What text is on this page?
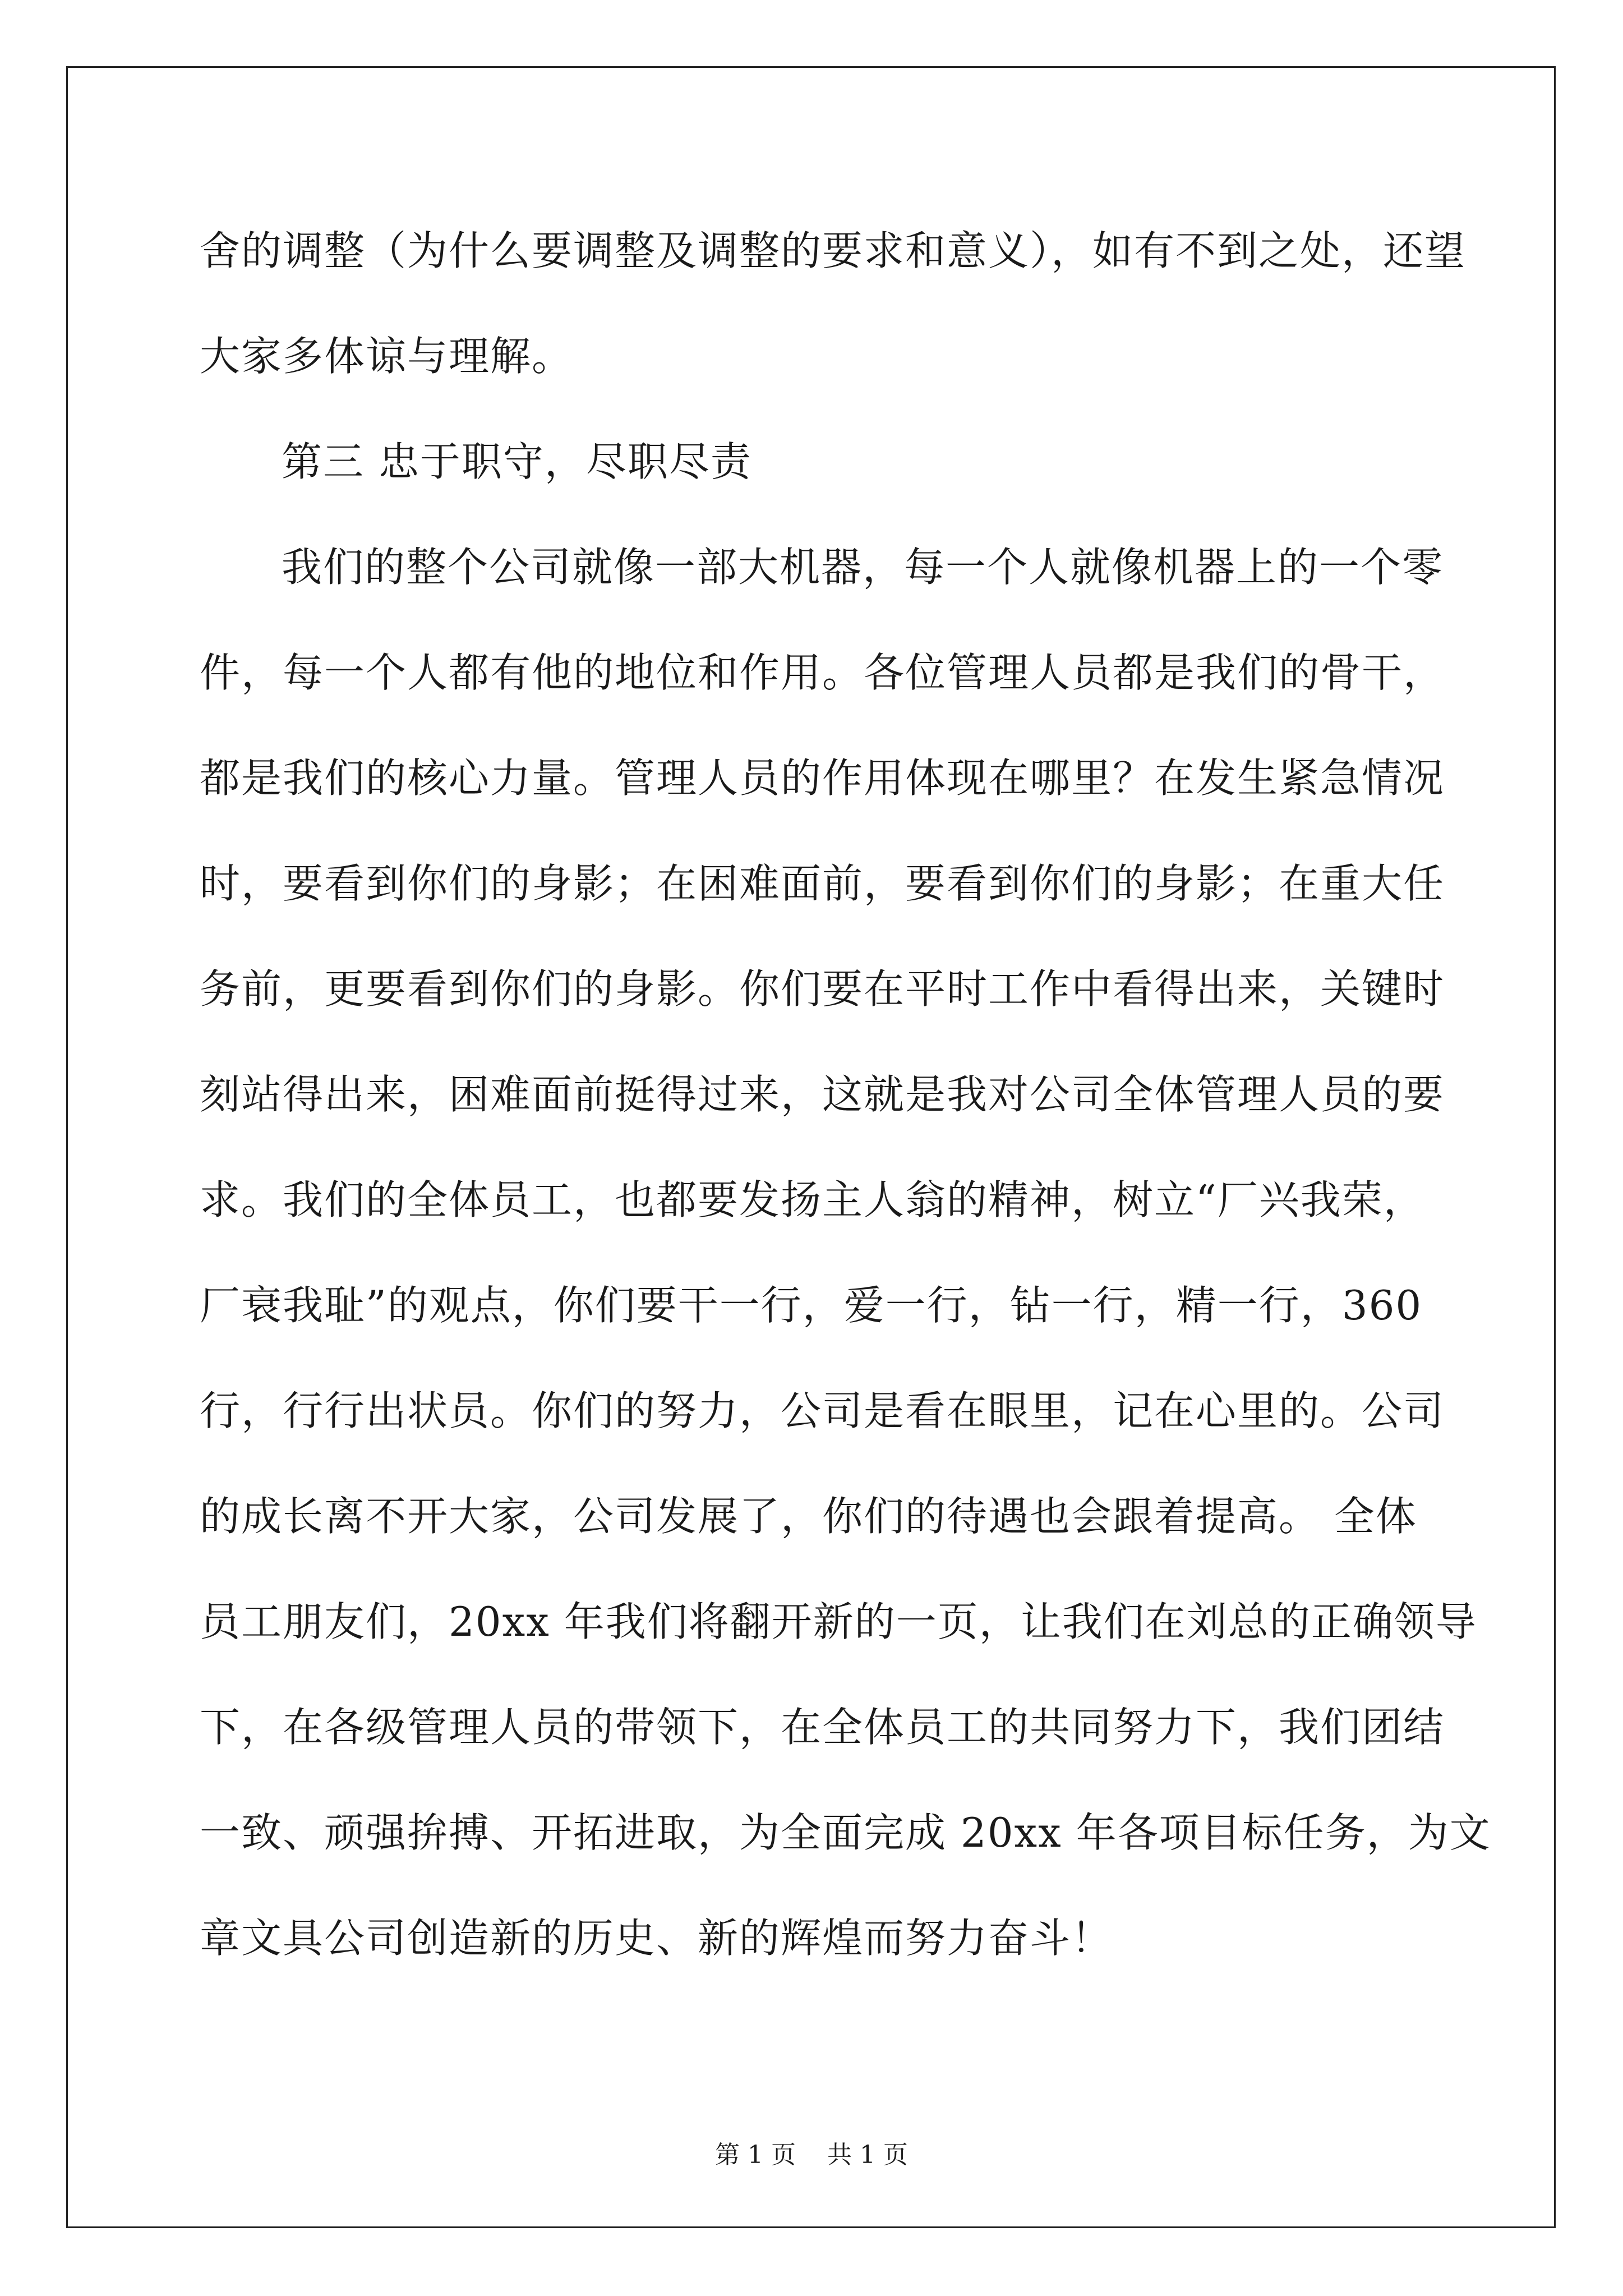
舍的调整（为什么要调整及调整的要求和意义），如有不到之处，还望
大家多体谅与理解。
第三 忠于职守，尽职尽责
我们的整个公司就像一部大机器，每一个人就像机器上的一个零
件，每一个人都有他的地位和作用。各位管理人员都是我们的骨干，
都是我们的核心力量。管理人员的作用体现在哪里？在发生紧急情况
时，要看到你们的身影；在困难面前，要看到你们的身影；在重大任
务前，更要看到你们的身影。你们要在平时工作中看得出来，关键时
刻站得出来，困难面前挺得过来，这就是我对公司全体管理人员的要
求。我们的全体员工，也都要发扬主人翁的精神，树立“厂兴我荣，
厂衰我耻”的观点，你们要干一行，爱一行，钻一行，精一行，360
行，行行出状员。你们的努力，公司是看在眼里，记在心里的。公司
的成长离不开大家，公司发展了，你们的待遇也会跟着提高。 全体
员工朋友们，20xx 年我们将翻开新的一页，让我们在刘总的正确领导
下，在各级管理人员的带领下，在全体员工的共同努力下，我们团结
一致、顽强拚搏、开拓进取，为全面完成 20xx 年各项目标任务，为文
章文具公司创造新的历史、新的辉煌而努力奋斗！
第 1 页    共 1 页
